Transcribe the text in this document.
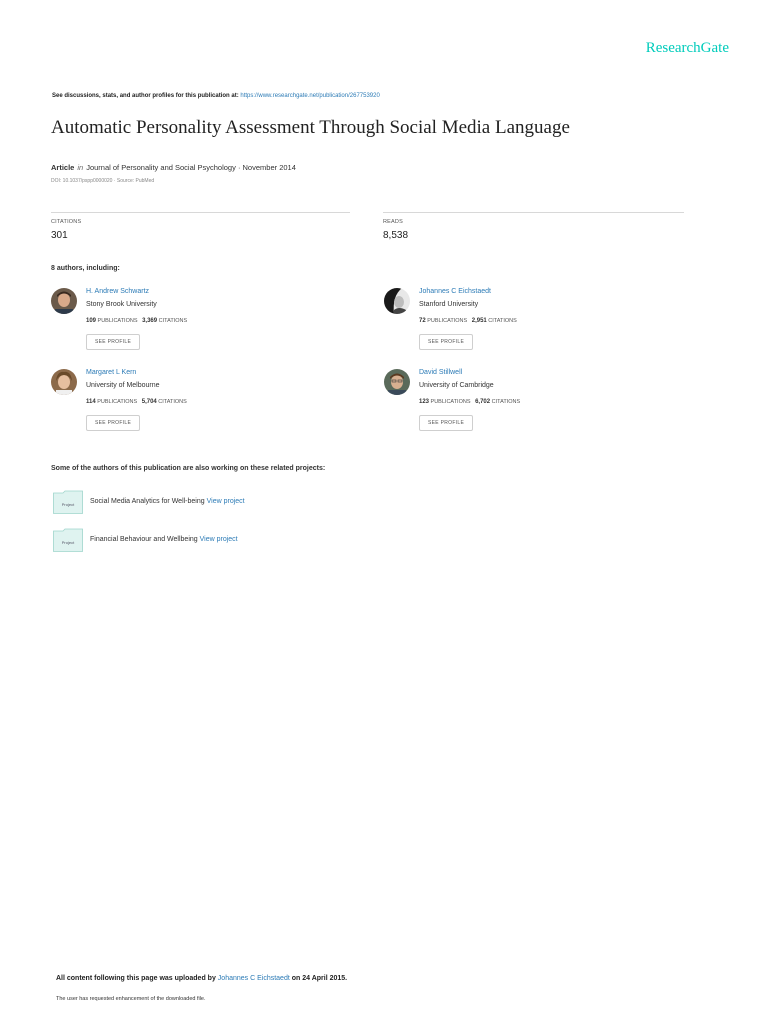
ResearchGate
See discussions, stats, and author profiles for this publication at: https://www.researchgate.net/publication/267753920
Automatic Personality Assessment Through Social Media Language
Article in Journal of Personality and Social Psychology · November 2014
DOI: 10.1037/pspp0000020 · Source: PubMed
CITATIONS
301
READS
8,538
8 authors, including:
H. Andrew Schwartz
Stony Brook University
109 PUBLICATIONS 3,369 CITATIONS
SEE PROFILE
Johannes C Eichstaedt
Stanford University
72 PUBLICATIONS 2,951 CITATIONS
SEE PROFILE
Margaret L Kern
University of Melbourne
114 PUBLICATIONS 5,704 CITATIONS
SEE PROFILE
David Stillwell
University of Cambridge
123 PUBLICATIONS 6,702 CITATIONS
SEE PROFILE
Some of the authors of this publication are also working on these related projects:
Project Social Media Analytics for Well-being View project
Project Financial Behaviour and Wellbeing View project
All content following this page was uploaded by Johannes C Eichstaedt on 24 April 2015.
The user has requested enhancement of the downloaded file.
